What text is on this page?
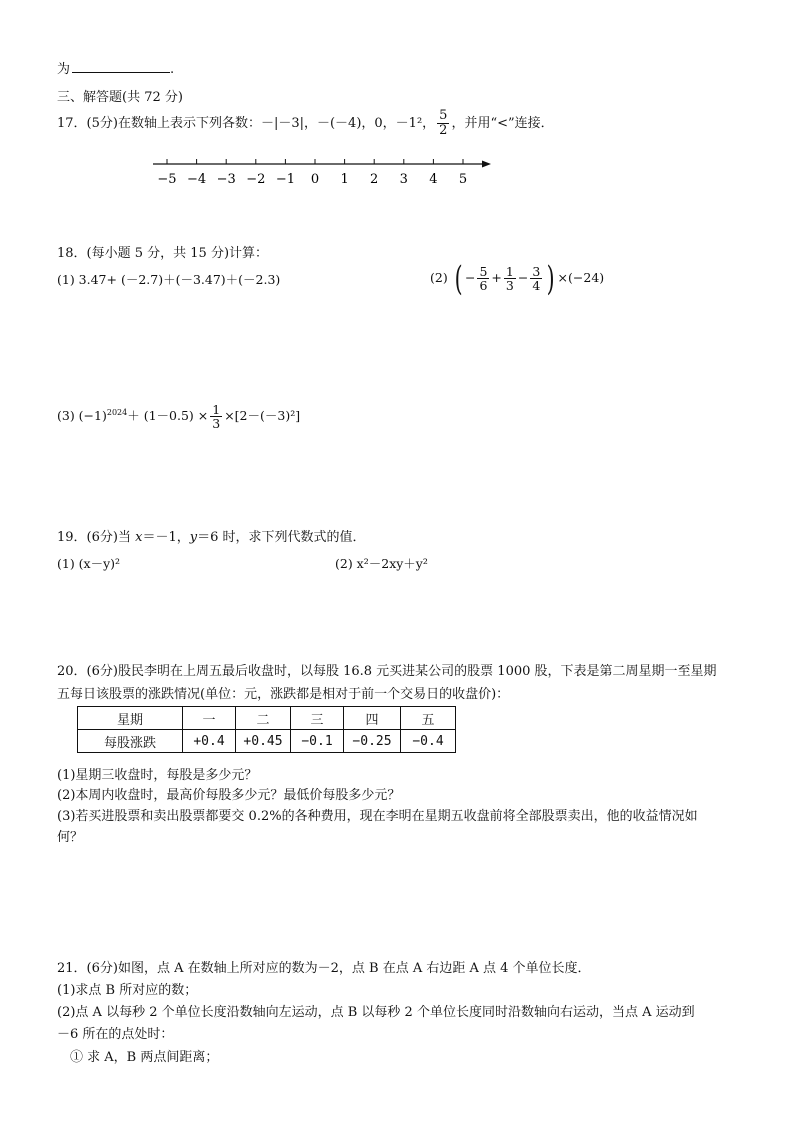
为	.
三、解答题(共 72 分)
17．(5分)在数轴上表示下列各数：－|－3|，－(－4)，0，－1²， $\frac{5}{2}$ ，并用“<”连接．
−5 −4 −3 −2 −1 0 1 2 3 4 5
18．(每小题 5 分，共 15 分)计算：
(1) 3.47+ (－2.7)＋(－3.47)＋(－2.3)	(2) ( − $\frac{5}{6} + \frac{1}{3} - \frac{3}{4}$ ) ×(−24)
(3) $(-1)^{2024}+ (1-0.5) \times \frac{1}{3} \times[2-(-3)^2]$
19．(6分)当 x＝－1，y＝6 时，求下列代数式的值．
(1) (x－y)²	(2) x²－2xy＋y²
20．(6分)股民李明在上周五最后收盘时，以每股 16.8 元买进某公司的股票 1000 股，下表是第二周星期一至星期
五每日该股票的涨跌情况(单位：元，涨跌都是相对于前一个交易日的收盘价)：
星期	一	二	三	四	五
每股涨跌	+0.4	+0.45	−0.1	−0.25	−0.4
(1)星期三收盘时，每股是多少元？
(2)本周内收盘时，最高价每股多少元？最低价每股多少元？
(3)若买进股票和卖出股票都要交 0.2%的各种费用，现在李明在星期五收盘前将全部股票卖出，他的收益情况如
何？
21．(6分)如图，点 A 在数轴上所对应的数为－2，点 B 在点 A 右边距 A 点 4 个单位长度．
(1)求点 B 所对应的数；
(2)点 A 以每秒 2 个单位长度沿数轴向左运动，点 B 以每秒 2 个单位长度同时沿数轴向右运动，当点 A 运动到
－6 所在的点处时：
① 求 A，B 两点间距离；
